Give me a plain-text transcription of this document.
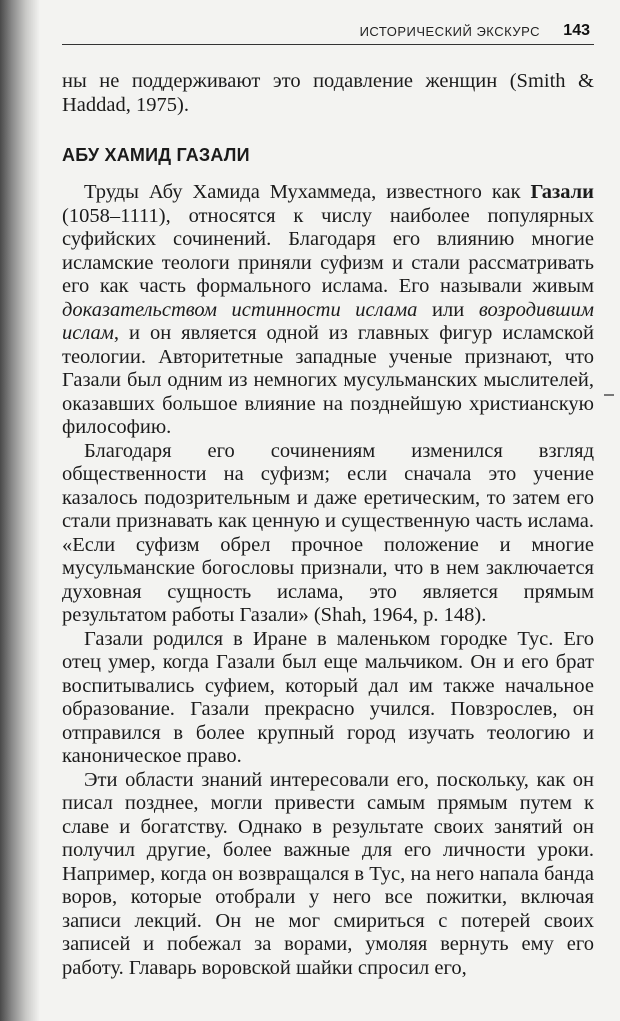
ИСТОРИЧЕСКИЙ ЭКСКУРС 143

ны не поддерживают это подавление женщин (Smith & Haddad, 1975).

АБУ ХАМИД ГАЗАЛИ

Труды Абу Хамида Мухаммеда, известного как Газали (1058–1111), относятся к числу наиболее популярных суфийских сочинений. Благодаря его влиянию многие исламские теологи приняли суфизм и стали рассматривать его как часть формального ислама. Его называли живым доказательством истинности ислама или возродившим ислам, и он является одной из главных фигур исламской теологии. Авторитетные западные ученые признают, что Газали был одним из немногих мусульманских мыслителей, оказавших большое влияние на позднейшую христианскую философию.

Благодаря его сочинениям изменился взгляд общественности на суфизм; если сначала это учение казалось подозрительным и даже еретическим, то затем его стали признавать как ценную и существенную часть ислама. «Если суфизм обрел прочное положение и многие мусульманские богословы признали, что в нем заключается духовная сущность ислама, это является прямым результатом работы Газали» (Shah, 1964, p. 148).

Газали родился в Иране в маленьком городке Тус. Его отец умер, когда Газали был еще мальчиком. Он и его брат воспитывались суфием, который дал им также начальное образование. Газали прекрасно учился. Повзрослев, он отправился в более крупный город изучать теологию и каноническое право.

Эти области знаний интересовали его, поскольку, как он писал позднее, могли привести самым прямым путем к славе и богатству. Однако в результате своих занятий он получил другие, более важные для его личности уроки. Например, когда он возвращался в Тус, на него напала банда воров, которые отобрали у него все пожитки, включая записи лекций. Он не мог смириться с потерей своих записей и побежал за ворами, умоляя вернуть ему его работу. Главарь воровской шайки спросил его,
